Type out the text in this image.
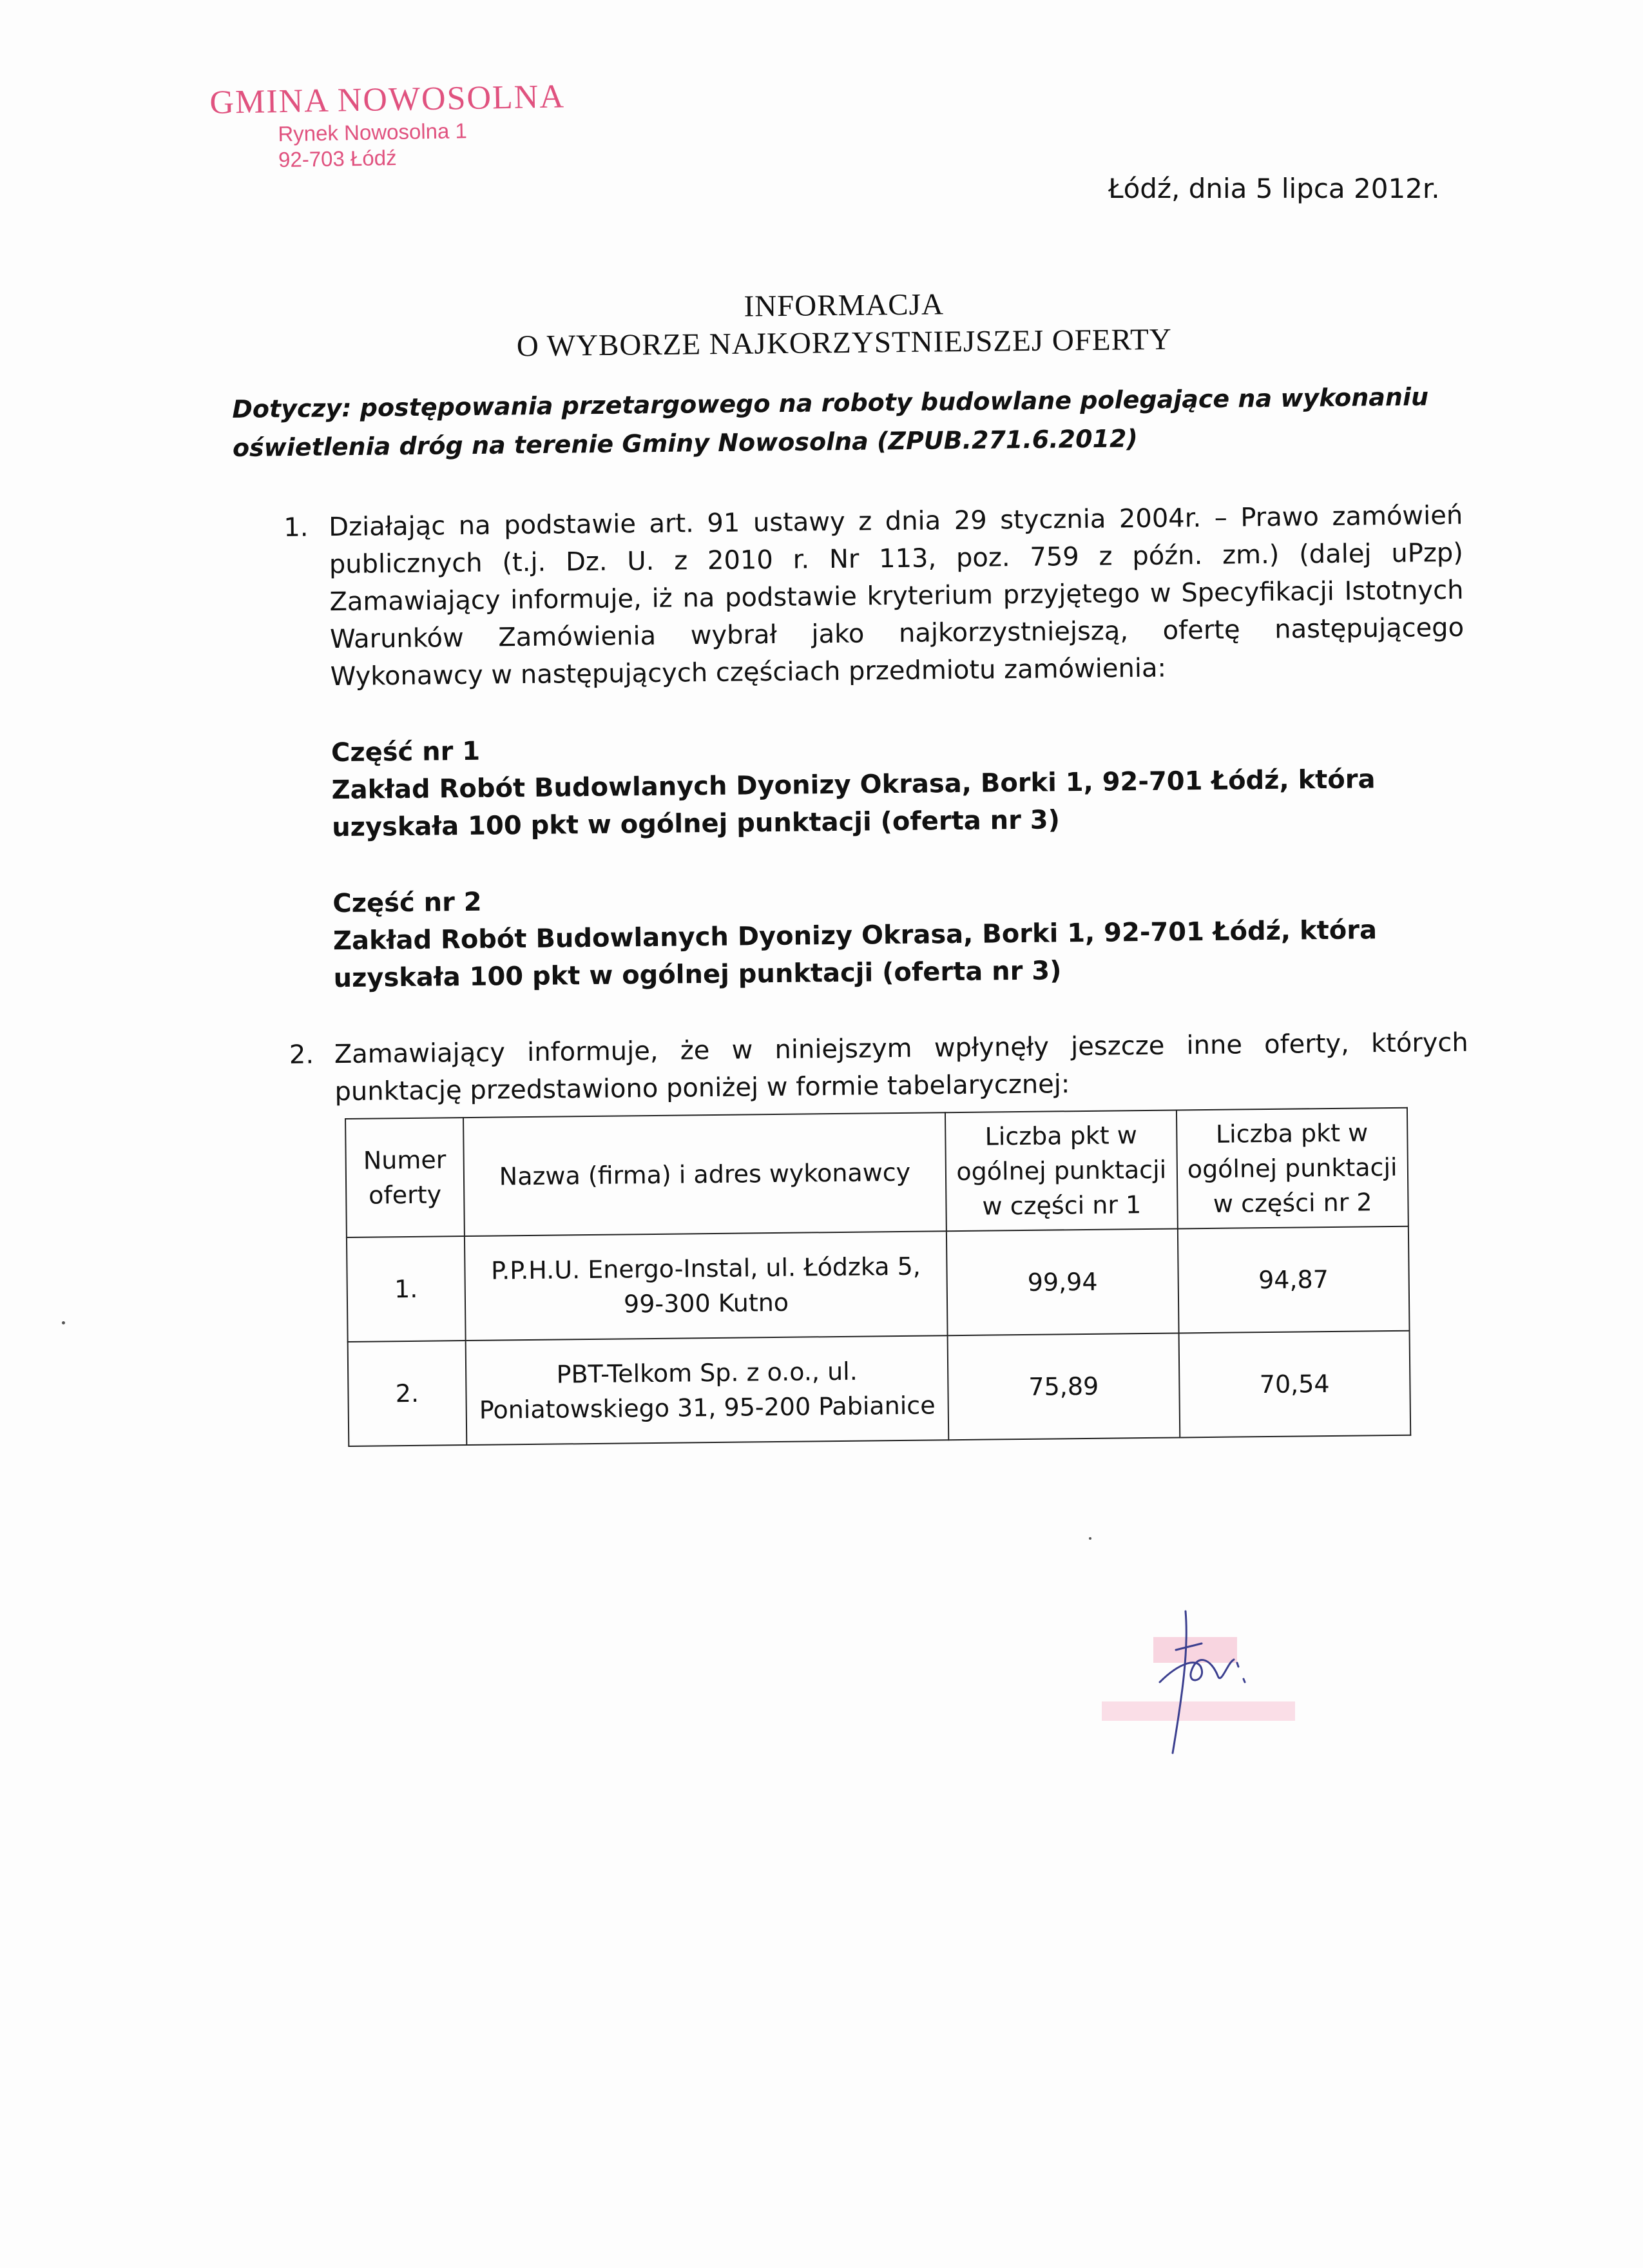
GMINA NOWOSOLNA
Rynek Nowosolna 1
92-703 Łódź
Łódź, dnia 5 lipca 2012r.
INFORMACJA
O WYBORZE NAJKORZYSTNIEJSZEJ OFERTY
Dotyczy: postępowania przetargowego na roboty budowlane polegające na wykonaniu oświetlenia dróg na terenie Gminy Nowosolna (ZPUB.271.6.2012)
1. Działając na podstawie art. 91 ustawy z dnia 29 stycznia 2004r. – Prawo zamówień publicznych (t.j. Dz. U. z 2010 r. Nr 113, poz. 759 z późn. zm.) (dalej uPzp) Zamawiający informuje, iż na podstawie kryterium przyjętego w Specyfikacji Istotnych Warunków Zamówienia wybrał jako najkorzystniejszą, ofertę następującego Wykonawcy w następujących częściach przedmiotu zamówienia:

Część nr 1
Zakład Robót Budowlanych Dyonizy Okrasa, Borki 1, 92-701 Łódź, która uzyskała 100 pkt w ogólnej punktacji (oferta nr 3)
Część nr 2
Zakład Robót Budowlanych Dyonizy Okrasa, Borki 1, 92-701 Łódź, która uzyskała 100 pkt w ogólnej punktacji (oferta nr 3)
2. Zamawiający informuje, że w niniejszym wpłynęły jeszcze inne oferty, których punktację przedstawiono poniżej w formie tabelarycznej:

Numer oferty	Nazwa (firma) i adres wykonawcy	Liczba pkt w ogólnej punktacji w części nr 1	Liczba pkt w ogólnej punktacji w części nr 2
1.	P.P.H.U. Energo-Instal, ul. Łódzka 5, 99-300 Kutno	99,94	94,87
2.	PBT-Telkom Sp. z o.o., ul. Poniatowskiego 31, 95-200 Pabianice	75,89	70,54
